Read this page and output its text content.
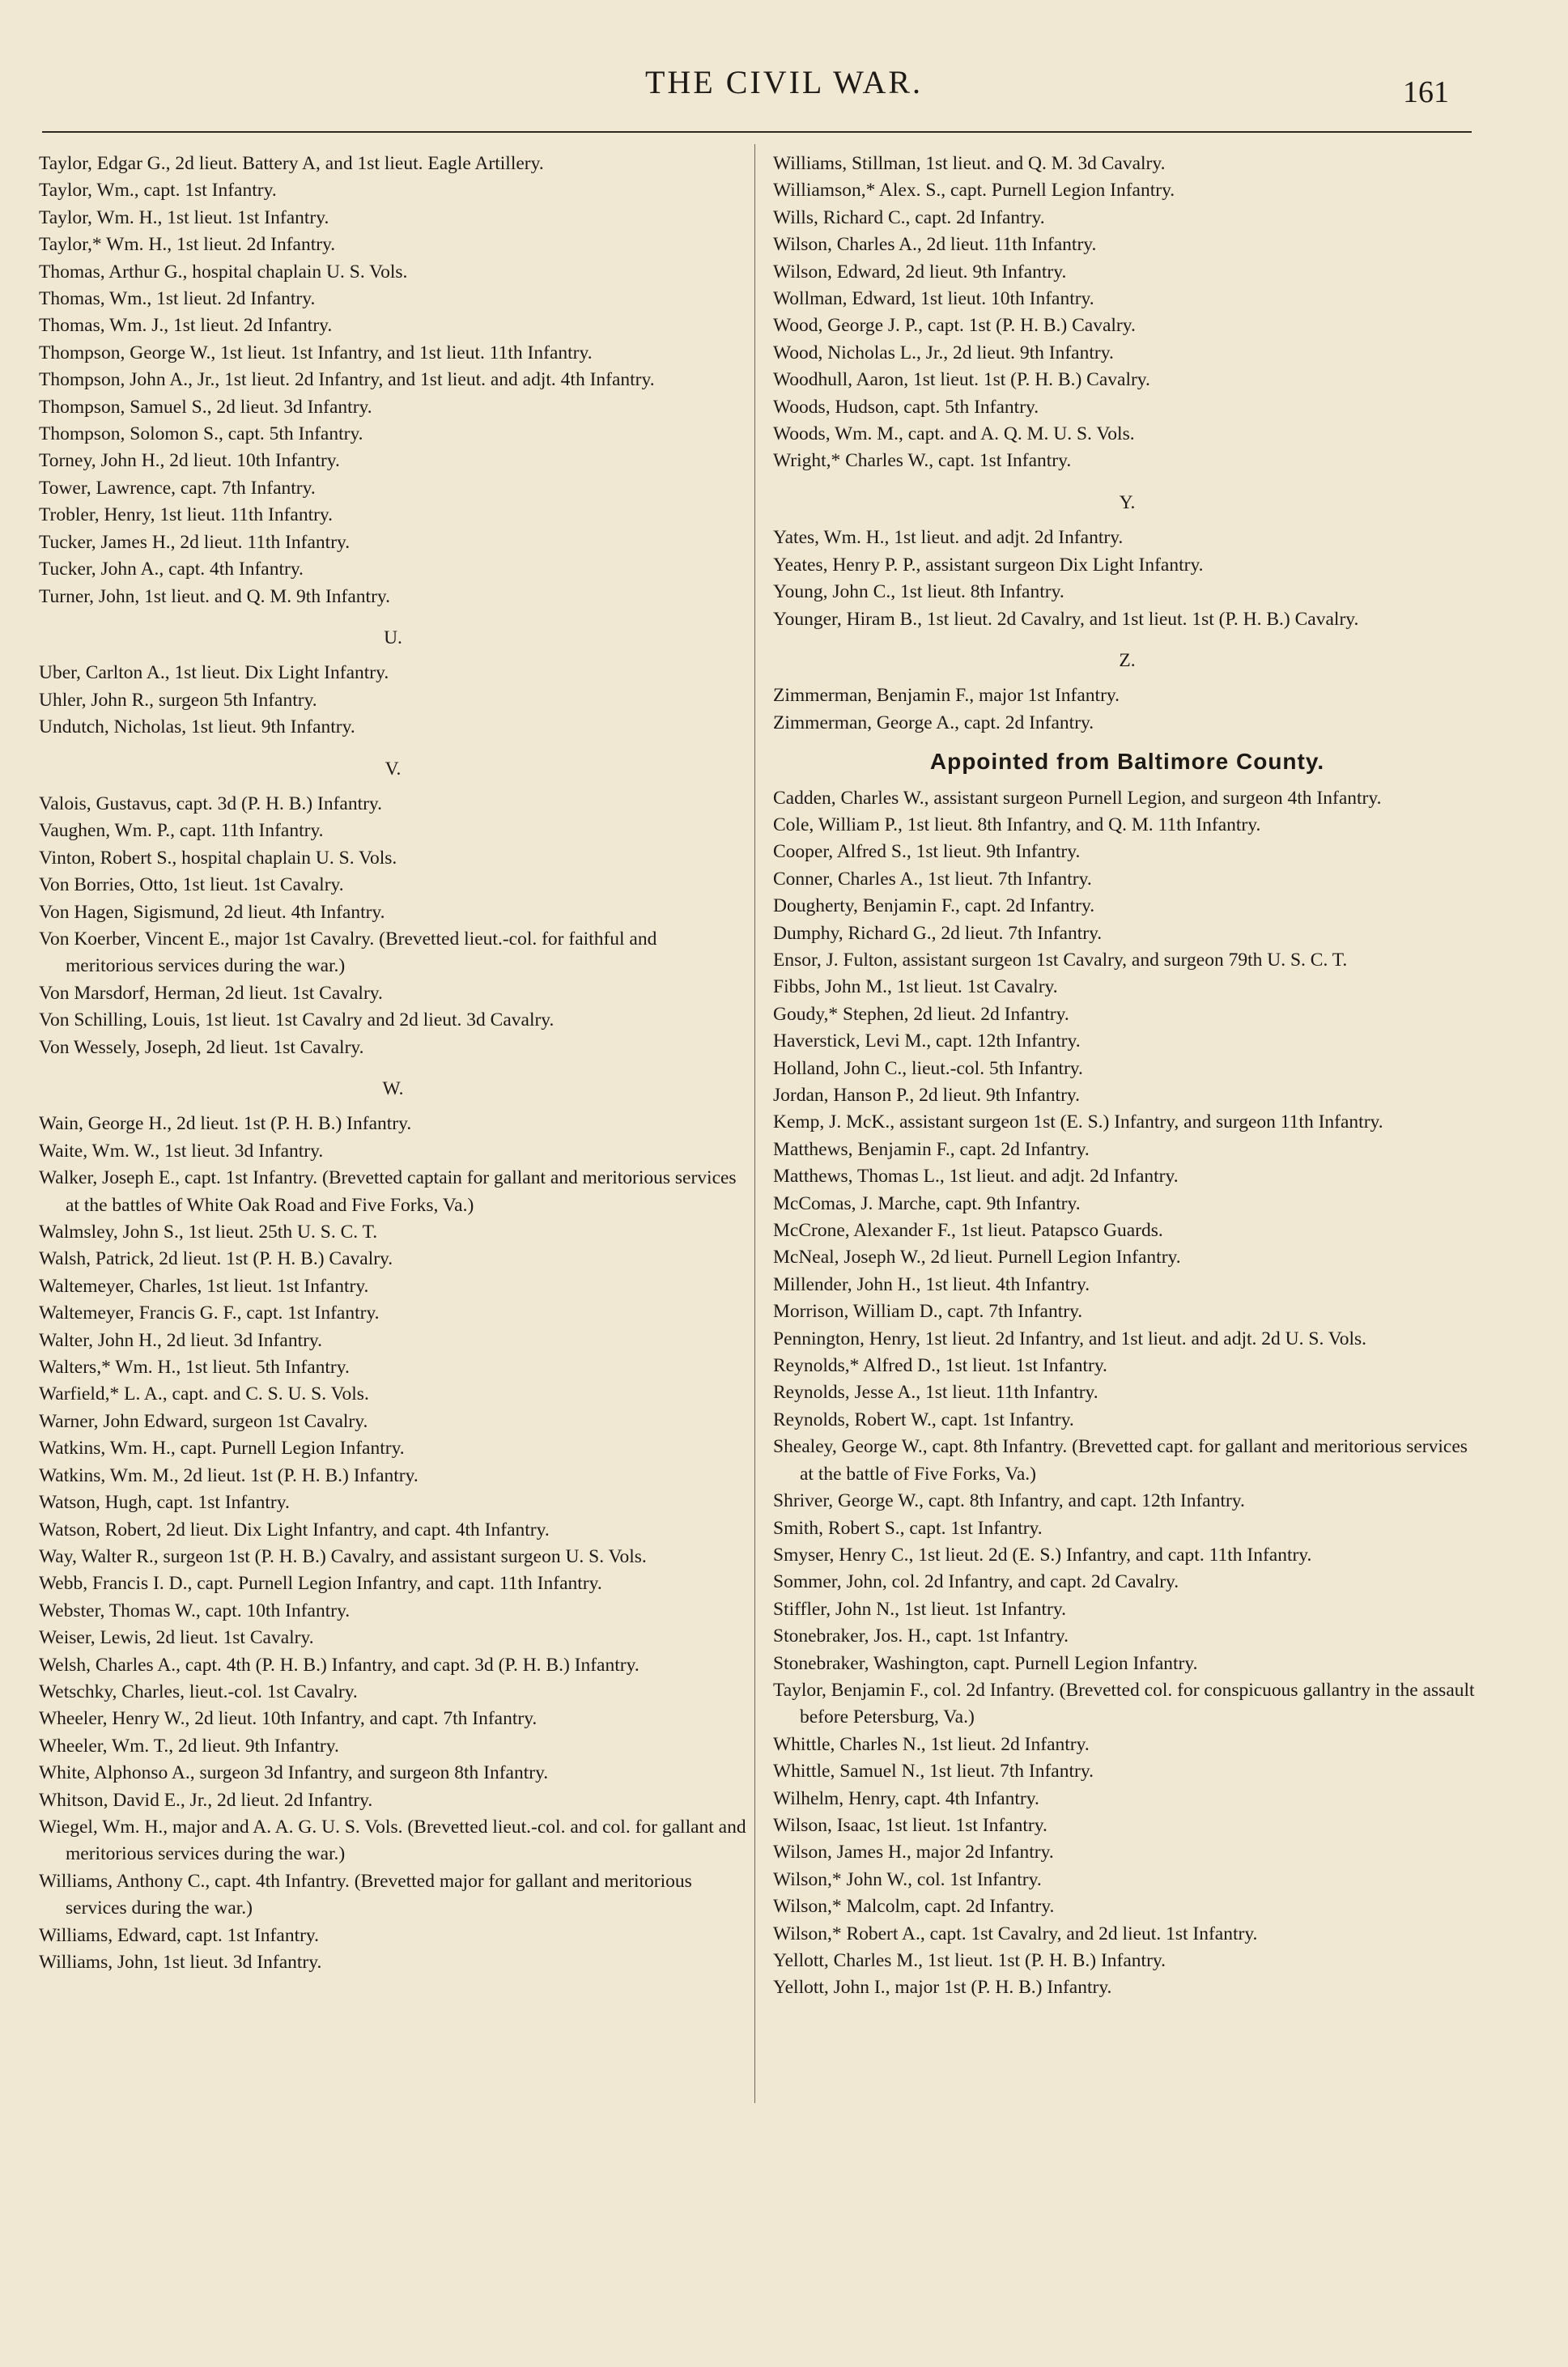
THE CIVIL WAR.	161
Taylor, Edgar G., 2d lieut. Battery A, and 1st lieut. Eagle Artillery.
Taylor, Wm., capt. 1st Infantry.
Taylor, Wm. H., 1st lieut. 1st Infantry.
Taylor,* Wm. H., 1st lieut. 2d Infantry.
Thomas, Arthur G., hospital chaplain U. S. Vols.
Thomas, Wm., 1st lieut. 2d Infantry.
Thomas, Wm. J., 1st lieut. 2d Infantry.
Thompson, George W., 1st lieut. 1st Infantry, and 1st lieut. 11th Infantry.
Thompson, John A., Jr., 1st lieut. 2d Infantry, and 1st lieut. and adjt. 4th Infantry.
Thompson, Samuel S., 2d lieut. 3d Infantry.
Thompson, Solomon S., capt. 5th Infantry.
Torney, John H., 2d lieut. 10th Infantry.
Tower, Lawrence, capt. 7th Infantry.
Trobler, Henry, 1st lieut. 11th Infantry.
Tucker, James H., 2d lieut. 11th Infantry.
Tucker, John A., capt. 4th Infantry.
Turner, John, 1st lieut. and Q. M. 9th Infantry.
U.
Uber, Carlton A., 1st lieut. Dix Light Infantry.
Uhler, John R., surgeon 5th Infantry.
Undutch, Nicholas, 1st lieut. 9th Infantry.
V.
Valois, Gustavus, capt. 3d (P. H. B.) Infantry.
Vaughen, Wm. P., capt. 11th Infantry.
Vinton, Robert S., hospital chaplain U. S. Vols.
Von Borries, Otto, 1st lieut. 1st Cavalry.
Von Hagen, Sigismund, 2d lieut. 4th Infantry.
Von Koerber, Vincent E., major 1st Cavalry. (Brevetted lieut.-col. for faithful and meritorious services during the war.)
Von Marsdorf, Herman, 2d lieut. 1st Cavalry.
Von Schilling, Louis, 1st lieut. 1st Cavalry and 2d lieut. 3d Cavalry.
Von Wessely, Joseph, 2d lieut. 1st Cavalry.
W.
Wain, George H., 2d lieut. 1st (P. H. B.) Infantry.
Waite, Wm. W., 1st lieut. 3d Infantry.
Walker, Joseph E., capt. 1st Infantry. (Brevetted captain for gallant and meritorious services at the battles of White Oak Road and Five Forks, Va.)
Walmsley, John S., 1st lieut. 25th U. S. C. T.
Walsh, Patrick, 2d lieut. 1st (P. H. B.) Cavalry.
Waltemeyer, Charles, 1st lieut. 1st Infantry.
Waltemeyer, Francis G. F., capt. 1st Infantry.
Walter, John H., 2d lieut. 3d Infantry.
Walters,* Wm. H., 1st lieut. 5th Infantry.
Warfield,* L. A., capt. and C. S. U. S. Vols.
Warner, John Edward, surgeon 1st Cavalry.
Watkins, Wm. H., capt. Purnell Legion Infantry.
Watkins, Wm. M., 2d lieut. 1st (P. H. B.) Infantry.
Watson, Hugh, capt. 1st Infantry.
Watson, Robert, 2d lieut. Dix Light Infantry, and capt. 4th Infantry.
Way, Walter R., surgeon 1st (P. H. B.) Cavalry, and assistant surgeon U. S. Vols.
Webb, Francis I. D., capt. Purnell Legion Infantry, and capt. 11th Infantry.
Webster, Thomas W., capt. 10th Infantry.
Weiser, Lewis, 2d lieut. 1st Cavalry.
Welsh, Charles A., capt. 4th (P. H. B.) Infantry, and capt. 3d (P. H. B.) Infantry.
Wetschky, Charles, lieut.-col. 1st Cavalry.
Wheeler, Henry W., 2d lieut. 10th Infantry, and capt. 7th Infantry.
Wheeler, Wm. T., 2d lieut. 9th Infantry.
White, Alphonso A., surgeon 3d Infantry, and surgeon 8th Infantry.
Whitson, David E., Jr., 2d lieut. 2d Infantry.
Wiegel, Wm. H., major and A. A. G. U. S. Vols. (Brevetted lieut.-col. and col. for gallant and meritorious services during the war.)
Williams, Anthony C., capt. 4th Infantry. (Brevetted major for gallant and meritorious services during the war.)
Williams, Edward, capt. 1st Infantry.
Williams, John, 1st lieut. 3d Infantry.
Williams, Stillman, 1st lieut. and Q. M. 3d Cavalry.
Williamson,* Alex. S., capt. Purnell Legion Infantry.
Wills, Richard C., capt. 2d Infantry.
Wilson, Charles A., 2d lieut. 11th Infantry.
Wilson, Edward, 2d lieut. 9th Infantry.
Wollman, Edward, 1st lieut. 10th Infantry.
Wood, George J. P., capt. 1st (P. H. B.) Cavalry.
Wood, Nicholas L., Jr., 2d lieut. 9th Infantry.
Woodhull, Aaron, 1st lieut. 1st (P. H. B.) Cavalry.
Woods, Hudson, capt. 5th Infantry.
Woods, Wm. M., capt. and A. Q. M. U. S. Vols.
Wright,* Charles W., capt. 1st Infantry.
Y.
Yates, Wm. H., 1st lieut. and adjt. 2d Infantry.
Yeates, Henry P. P., assistant surgeon Dix Light Infantry.
Young, John C., 1st lieut. 8th Infantry.
Younger, Hiram B., 1st lieut. 2d Cavalry, and 1st lieut. 1st (P. H. B.) Cavalry.
Z.
Zimmerman, Benjamin F., major 1st Infantry.
Zimmerman, George A., capt. 2d Infantry.
Appointed from Baltimore County.
Cadden, Charles W., assistant surgeon Purnell Legion, and surgeon 4th Infantry.
Cole, William P., 1st lieut. 8th Infantry, and Q. M. 11th Infantry.
Cooper, Alfred S., 1st lieut. 9th Infantry.
Conner, Charles A., 1st lieut. 7th Infantry.
Dougherty, Benjamin F., capt. 2d Infantry.
Dumphy, Richard G., 2d lieut. 7th Infantry.
Ensor, J. Fulton, assistant surgeon 1st Cavalry, and surgeon 79th U. S. C. T.
Fibbs, John M., 1st lieut. 1st Cavalry.
Goudy,* Stephen, 2d lieut. 2d Infantry.
Haverstick, Levi M., capt. 12th Infantry.
Holland, John C., lieut.-col. 5th Infantry.
Jordan, Hanson P., 2d lieut. 9th Infantry.
Kemp, J. McK., assistant surgeon 1st (E. S.) Infantry, and surgeon 11th Infantry.
Matthews, Benjamin F., capt. 2d Infantry.
Matthews, Thomas L., 1st lieut. and adjt. 2d Infantry.
McComas, J. Marche, capt. 9th Infantry.
McCrone, Alexander F., 1st lieut. Patapsco Guards.
McNeal, Joseph W., 2d lieut. Purnell Legion Infantry.
Millender, John H., 1st lieut. 4th Infantry.
Morrison, William D., capt. 7th Infantry.
Pennington, Henry, 1st lieut. 2d Infantry, and 1st lieut. and adjt. 2d U. S. Vols.
Reynolds,* Alfred D., 1st lieut. 1st Infantry.
Reynolds, Jesse A., 1st lieut. 11th Infantry.
Reynolds, Robert W., capt. 1st Infantry.
Shealey, George W., capt. 8th Infantry. (Brevetted capt. for gallant and meritorious services at the battle of Five Forks, Va.)
Shriver, George W., capt. 8th Infantry, and capt. 12th Infantry.
Smith, Robert S., capt. 1st Infantry.
Smyser, Henry C., 1st lieut. 2d (E. S.) Infantry, and capt. 11th Infantry.
Sommer, John, col. 2d Infantry, and capt. 2d Cavalry.
Stiffler, John N., 1st lieut. 1st Infantry.
Stonebraker, Jos. H., capt. 1st Infantry.
Stonebraker, Washington, capt. Purnell Legion Infantry.
Taylor, Benjamin F., col. 2d Infantry. (Brevetted col. for conspicuous gallantry in the assault before Petersburg, Va.)
Whittle, Charles N., 1st lieut. 2d Infantry.
Whittle, Samuel N., 1st lieut. 7th Infantry.
Wilhelm, Henry, capt. 4th Infantry.
Wilson, Isaac, 1st lieut. 1st Infantry.
Wilson, James H., major 2d Infantry.
Wilson,* John W., col. 1st Infantry.
Wilson,* Malcolm, capt. 2d Infantry.
Wilson,* Robert A., capt. 1st Cavalry, and 2d lieut. 1st Infantry.
Yellott, Charles M., 1st lieut. 1st (P. H. B.) Infantry.
Yellott, John I., major 1st (P. H. B.) Infantry.
